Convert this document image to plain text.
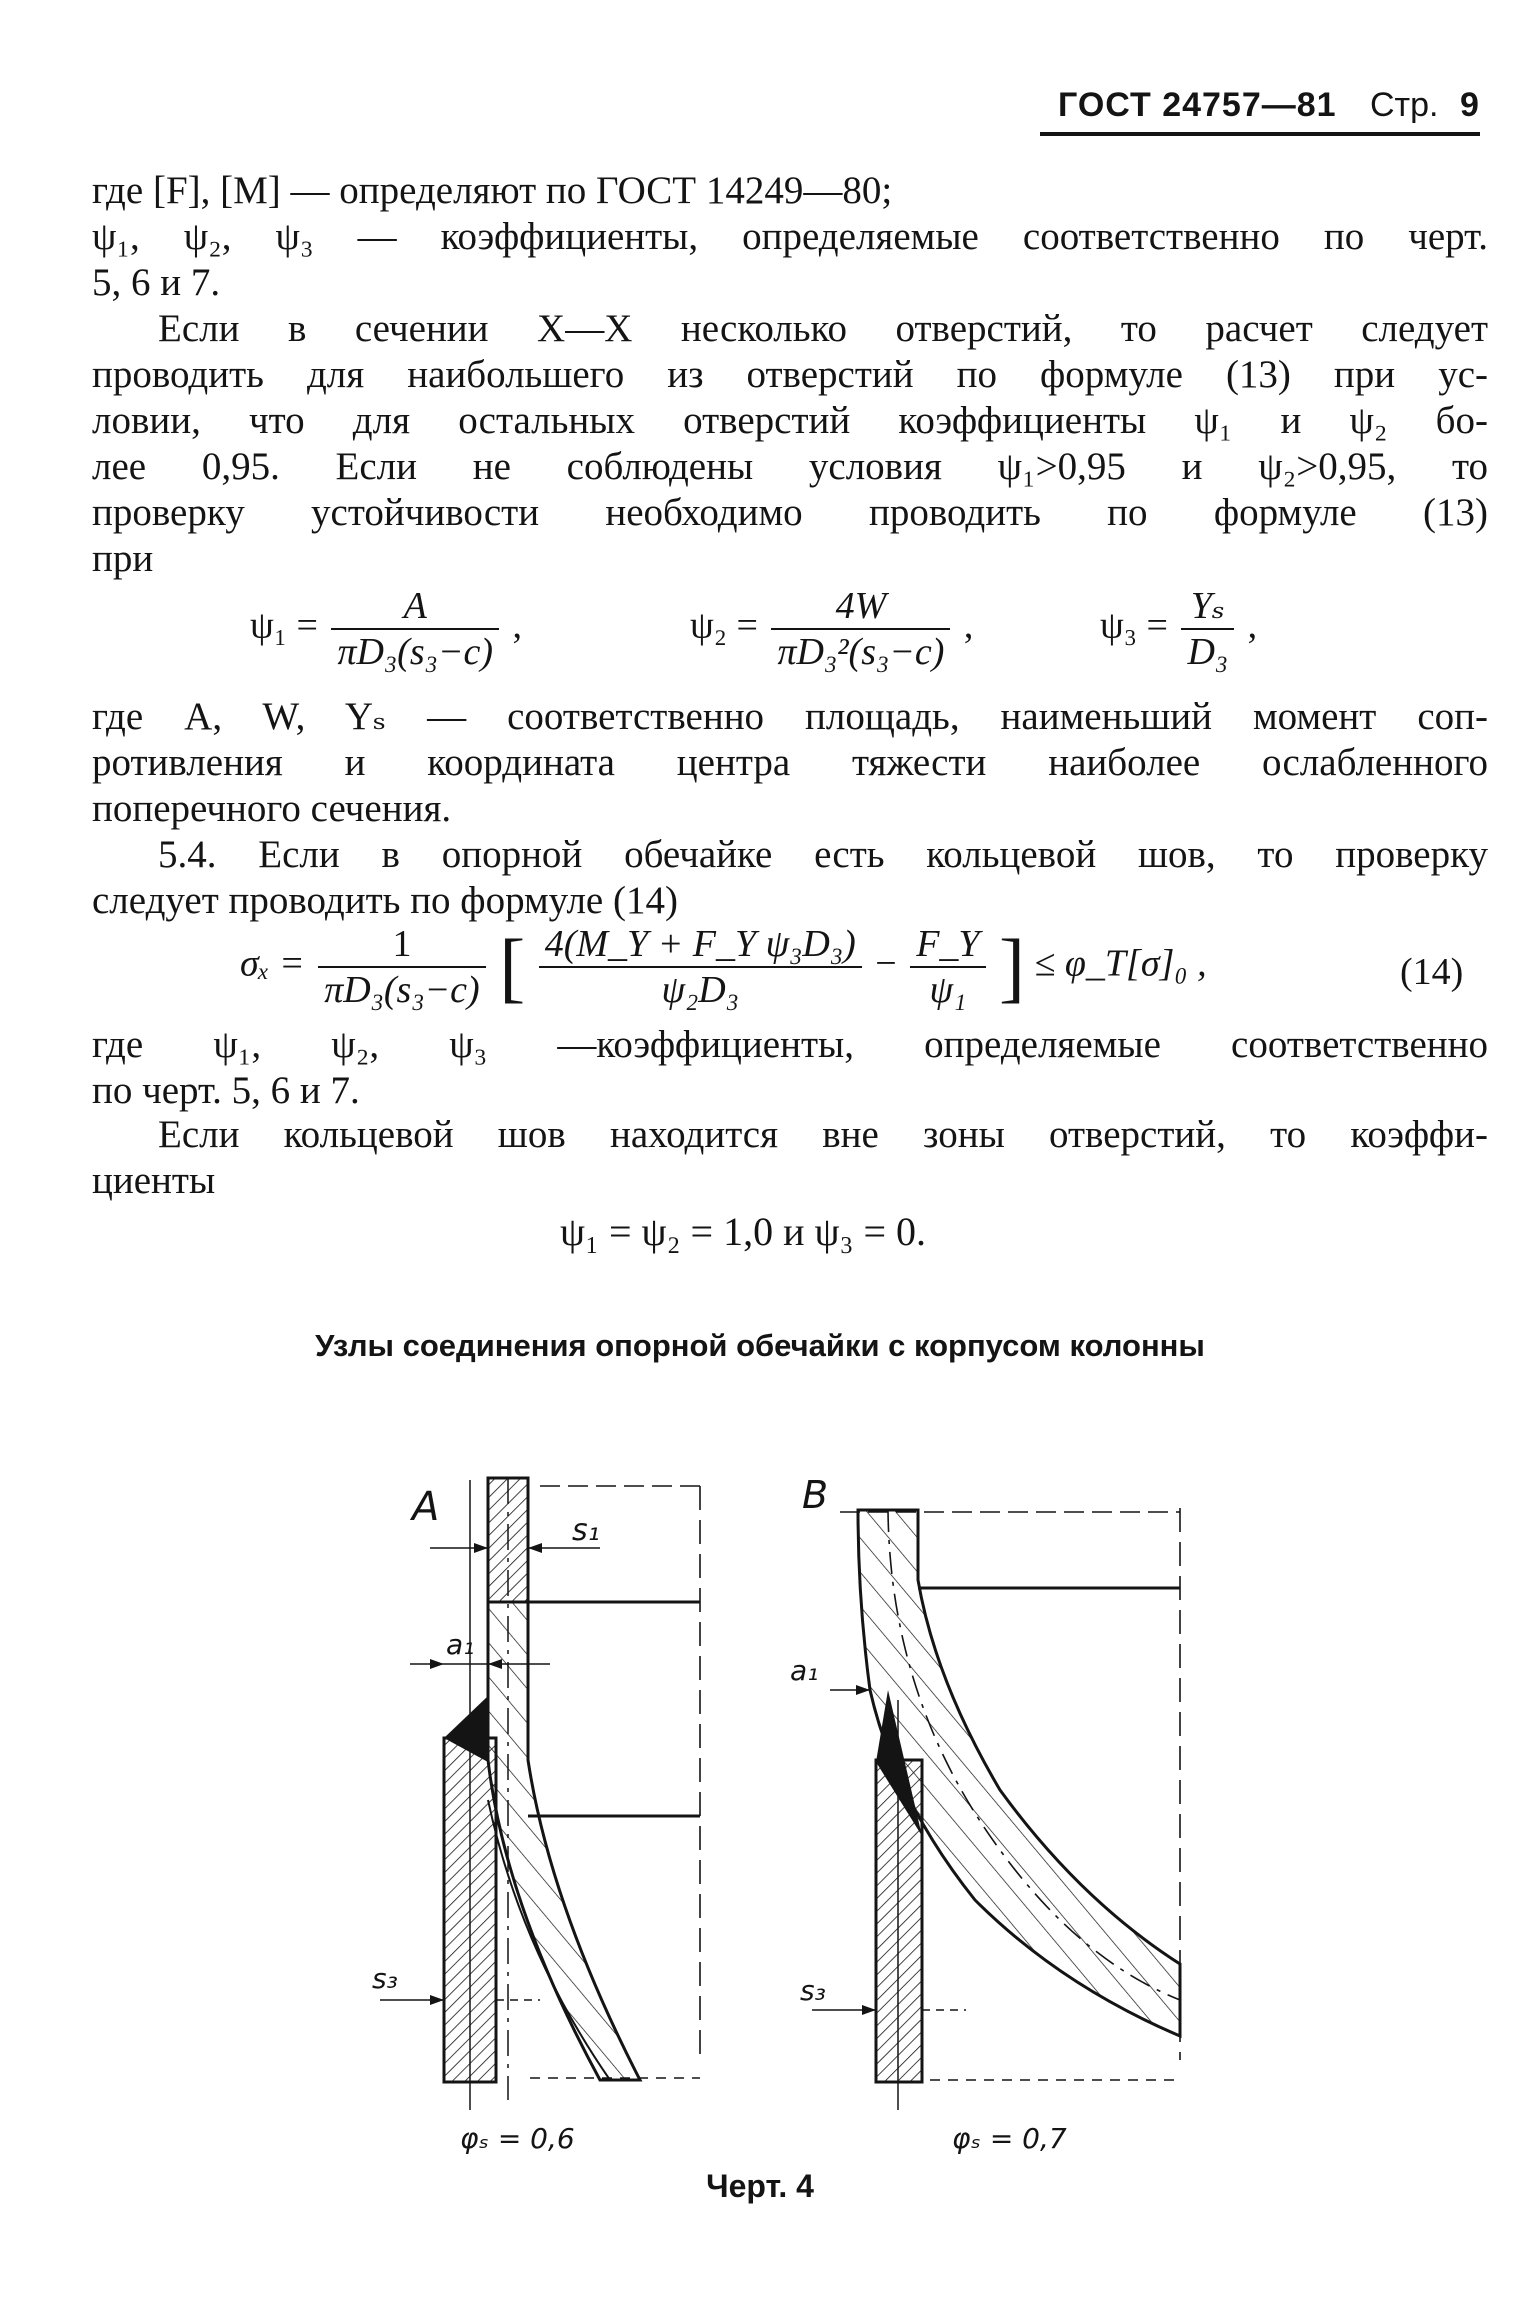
ГОСТ 24757—81 Стр. 9
где [F], [M] — определяют по ГОСТ 14249—80;
ψ₁, ψ₂, ψ₃ — коэффициенты, определяемые соответственно по черт.
5, 6 и 7.
Если в сечении X—X несколько отверстий, то расчет следует
проводить для наибольшего из отверстий по формуле (13) при ус-
ловии, что для остальных отверстий коэффициенты ψ₁ и ψ₂ бо-
лее 0,95. Если не соблюдены условия ψ₁>0,95 и ψ₂>0,95, то
проверку устойчивости необходимо проводить по формуле (13)
при
$\psi_1 = \frac{A}{\text{πD₃(s₃−c)}}$ ,	$\psi_2 = \frac{4W}{\text{πD₃²(s₃−c)}}$ ,	$\psi_3 = \frac{\text{Yₛ}}{\text{D₃}}$ ,
где A, W, Yₛ — соответственно площадь, наименьший момент соп-
ротивления и координата центра тяжести наиболее ослабленного
поперечного сечения.
5.4. Если в опорной обечайке есть кольцевой шов, то проверку
следует проводить по формуле (14)
$\sigma_x = \frac{1}{\text{πD₃(s₃−c)}}$ [ $\frac{\text{4(M\_Y + F\_Y ψ₃D₃)}}{\text{ψ₂D₃}} - \frac{F\_Y}{\text{ψ₁}}$ ] ≤ φ_T[σ]₀ ,	(14)
где ψ₁, ψ₂, ψ₃ —коэффициенты, определяемые соответственно
по черт. 5, 6 и 7.
Если кольцевой шов находится вне зоны отверстий, то коэффи-
циенты
ψ₁ = ψ₂ = 1,0 и ψ₃ = 0.
Узлы соединения опорной обечайки с корпусом колонны
A
s₁
a₁
s₃
φₛ = 0,6
B
a₁
s₃
φₛ = 0,7
Черт. 4
